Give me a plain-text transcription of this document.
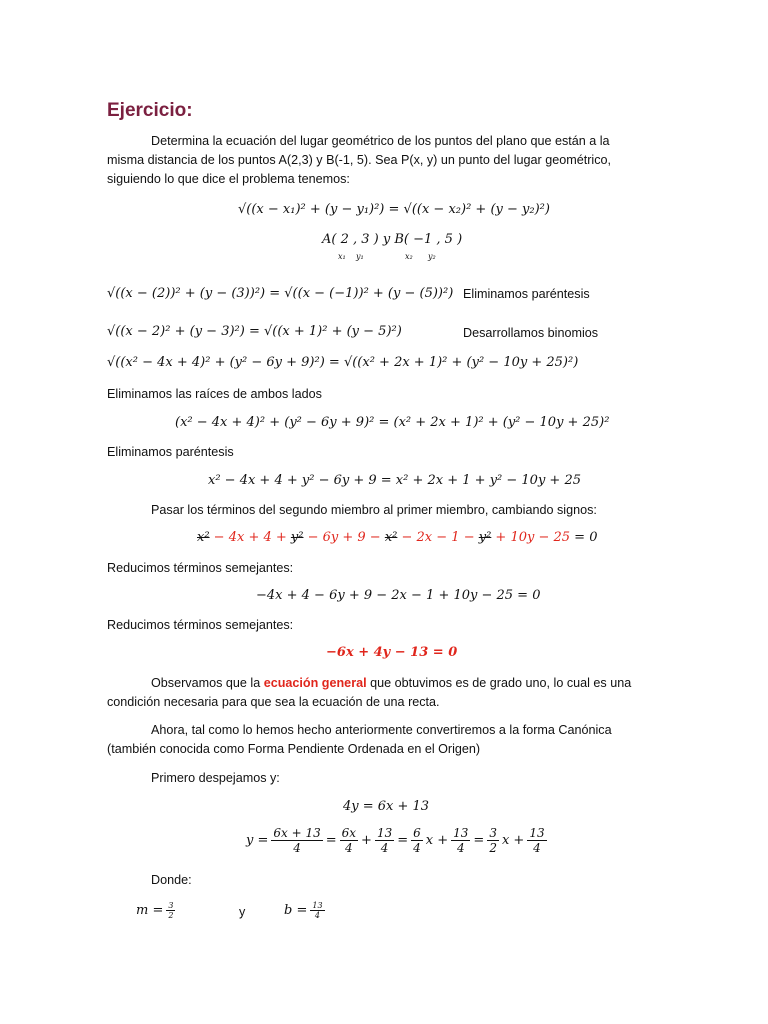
Ejercicio:
Determina la ecuación del lugar geométrico de los puntos del plano que están a la
misma distancia de los puntos A(2,3) y B(-1, 5). Sea P(x, y) un punto del lugar geométrico,
siguiendo lo que dice el problema tenemos:
√((x − x₁)² + (y − y₁)²) = √((x − x₂)² + (y − y₂)²)
A( 2 , 3 ) y B( −1 , 5 )
x₁ y₁	x₂ y₂
√((x − (2))² + (y − (3))²) = √((x − (−1))² + (y − (5))²) Eliminamos paréntesis
√((x − 2)² + (y − 3)²) = √((x + 1)² + (y − 5)²)	Desarrollamos binomios
√((x² − 4x + 4)² + (y² − 6y + 9)²) = √((x² + 2x + 1)² + (y² − 10y + 25)²)
Eliminamos las raíces de ambos lados
(x² − 4x + 4)² + (y² − 6y + 9)² = (x² + 2x + 1)² + (y² − 10y + 25)²
Eliminamos paréntesis
x² − 4x + 4 + y² − 6y + 9 = x² + 2x + 1 + y² − 10y + 25
Pasar los términos del segundo miembro al primer miembro, cambiando signos:
x² − 4x + 4 + y² − 6y + 9 − x² − 2x − 1 − y² + 10y − 25 = 0
Reducimos términos semejantes:
−4x + 4 − 6y + 9 − 2x − 1 + 10y − 25 = 0
Reducimos términos semejantes:
−6x + 4y − 13 = 0
Observamos que la ecuación general que obtuvimos es de grado uno, lo cual es una
condición necesaria para que sea la ecuación de una recta.
Ahora, tal como lo hemos hecho anteriormente convertiremos a la forma Canónica
(también conocida como Forma Pendiente Ordenada en el Origen)
Primero despejamos y:
4y = 6x + 13
$y = \frac{6x + 13}{4} = \frac{6x}{4} + \frac{13}{4} = \frac{6}{4}$ $x + \frac{13}{4} = \frac{3}{2}$ $x + \frac{13}{4}$
Donde:
$m = \frac{3}{2}$	y	$b = \frac{13}{4}$
